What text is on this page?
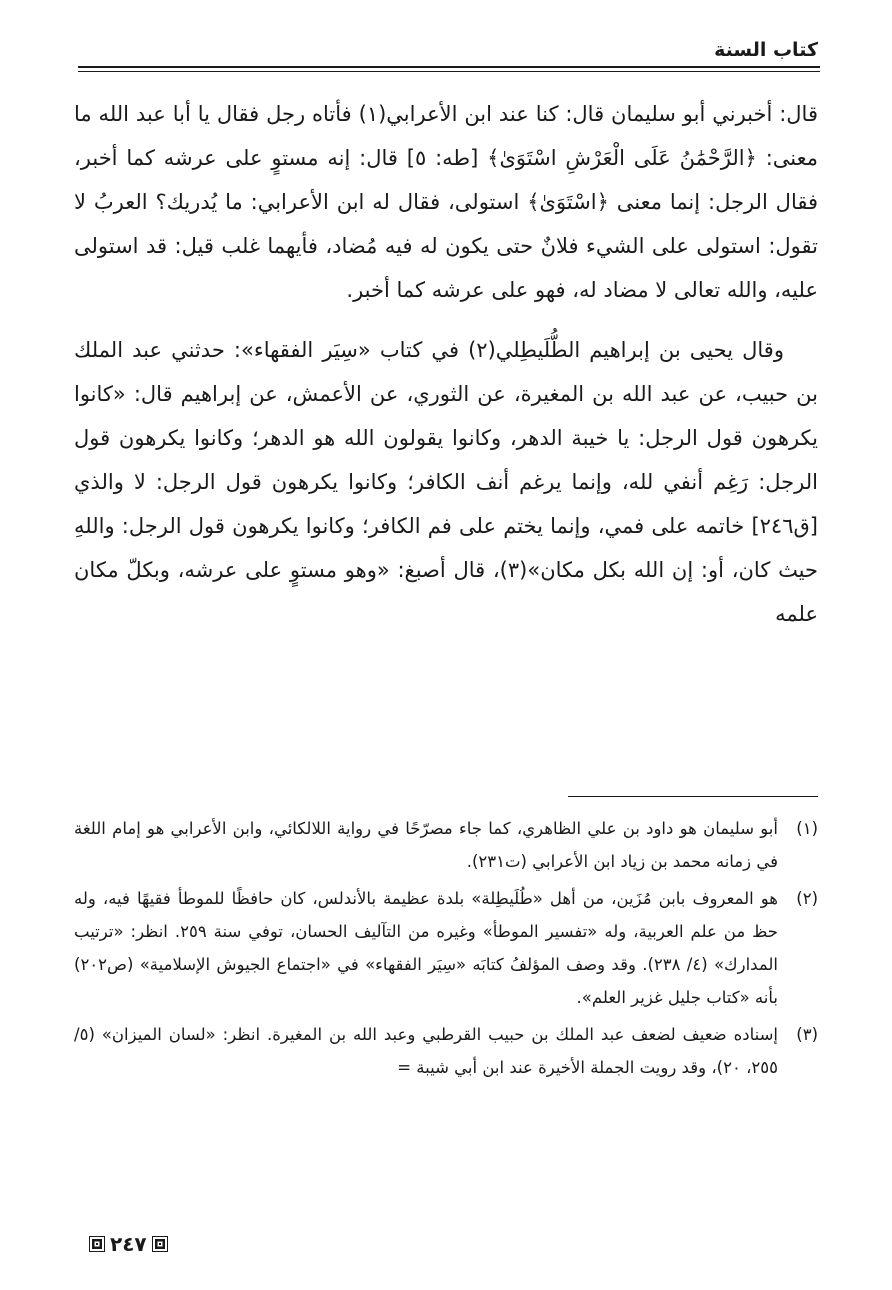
كتاب السنة

قال: أخبرني أبو سليمان قال: كنا عند ابن الأعرابي(١) فأتاه رجل فقال يا أبا عبد الله ما معنى: ﴿الرَّحْمَٰنُ عَلَى الْعَرْشِ اسْتَوَىٰ﴾ [طه: ٥] قال: إنه مستوٍ على عرشه كما أخبر، فقال الرجل: إنما معنى ﴿اسْتَوَىٰ﴾ استولى، فقال له ابن الأعرابي: ما يُدريك؟ العربُ لا تقول: استولى على الشيء فلانٌ حتى يكون له فيه مُضاد، فأيهما غلب قيل: قد استولى عليه، والله تعالى لا مضاد له، فهو على عرشه كما أخبر.

وقال يحيى بن إبراهيم الطُّلَيطِلي(٢) في كتاب «سِيَر الفقهاء»: حدثني عبد الملك بن حبيب، عن عبد الله بن المغيرة، عن الثوري، عن الأعمش، عن إبراهيم قال: «كانوا يكرهون قول الرجل: يا خيبة الدهر، وكانوا يقولون الله هو الدهر؛ وكانوا يكرهون قول الرجل: رَغِم أنفي لله، وإنما يرغم أنف الكافر؛ وكانوا يكرهون قول الرجل: لا والذي [ق٢٤٦] خاتمه على فمي، وإنما يختم على فم الكافر؛ وكانوا يكرهون قول الرجل: واللهِ حيث كان، أو: إن الله بكل مكان»(٣)، قال أصبغ: «وهو مستوٍ على عرشه، وبكلّ مكان علمه

(١)
أبو سليمان هو داود بن علي الظاهري، كما جاء مصرّحًا في رواية اللالكائي، وابن الأعرابي هو إمام اللغة في زمانه محمد بن زياد ابن الأعرابي (ت٢٣١).
(٢)
هو المعروف بابن مُزَين، من أهل «طُلَيطِلة» بلدة عظيمة بالأندلس، كان حافظًا للموطأ فقيهًا فيه، وله حظ من علم العربية، وله «تفسير الموطأ» وغيره من التآليف الحسان، توفي سنة ٢٥٩. انظر: «ترتيب المدارك» (٤/ ٢٣٨). وقد وصف المؤلفُ كتابَه «سِيَر الفقهاء» في «اجتماع الجيوش الإسلامية» (ص٢٠٢) بأنه «كتاب جليل غزير العلم».
(٣)
إسناده ضعيف لضعف عبد الملك بن حبيب القرطبي وعبد الله بن المغيرة. انظر: «لسان الميزان» (٥/ ٢٥٥، ٢٠)، وقد رويت الجملة الأخيرة عند ابن أبي شيبة =
٢٤٧
